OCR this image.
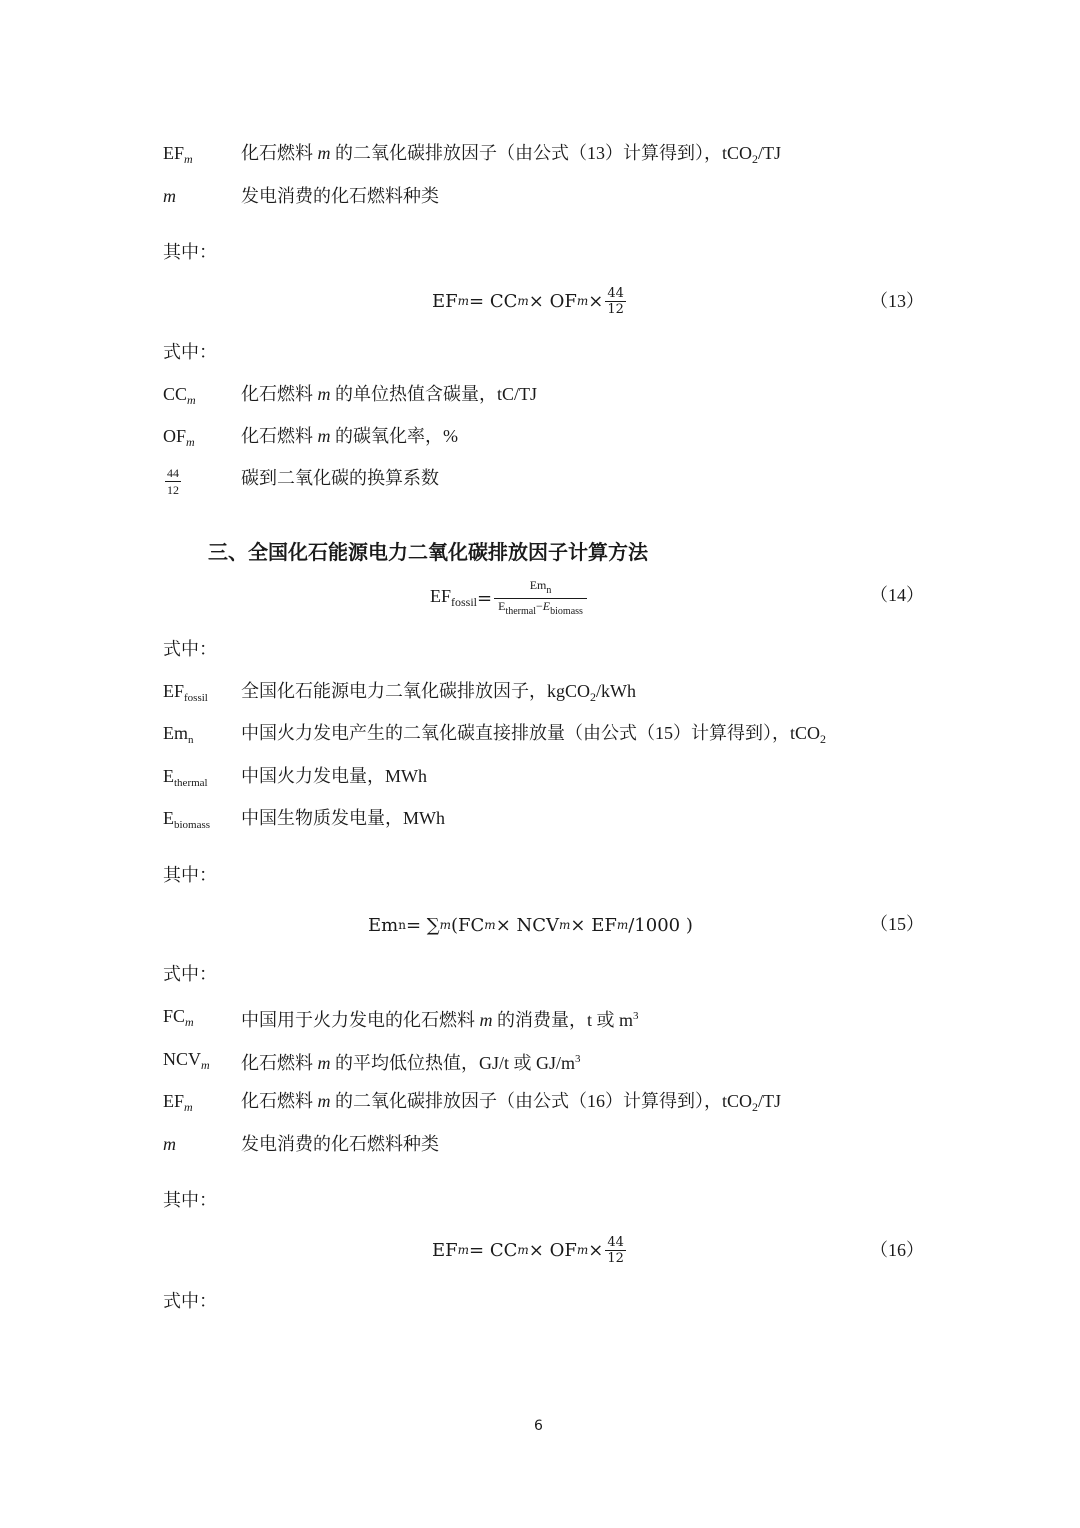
$EF_m$	化石燃料 m 的二氧化碳排放因子（由公式（13）计算得到），tCO$_2$/TJ
m	发电消费的化石燃料种类
其中：
EF m = CC m × OF $m \times \frac{44}{12}$	（13）
式中：
$CC_m$	化石燃料 m 的单位热值含碳量，tC/TJ
$OF_m$	化石燃料 m 的碳氧化率，%
$\frac{44}{12}$	碳到二氧化碳的换算系数
三、全国化石能源电力二氧化碳排放因子计算方法
$EF_{fossil} = \frac{Em_n}{E_{thermal}-E_{biomass}}$	（14）
式中：
$EF_{fossil}$ 全国化石能源电力二氧化碳排放因子，kgCO$_2$/kWh
$Em_n$	中国火力发电产生的二氧化碳直接排放量（由公式（15）计算得到），tCO$_2$
$E_{thermal}$ 中国火力发电量，MWh
$E_{biomass}$ 中国生物质发电量，MWh
其中：
Em n = ∑ m (FC m × NCV m × EF m /1000 )	（15）
式中：
$FC_m$	中国用于火力发电的化石燃料 m 的消费量，t 或 $m^3$
$NCV_m$ 化石燃料 m 的平均低位热值，GJ/t 或 $GJ/m^3$
$EF_m$	化石燃料 m 的二氧化碳排放因子（由公式（16）计算得到），tCO$_2$/TJ
m	发电消费的化石燃料种类
其中：
EF m = CC m × OF $m \times \frac{44}{12}$	（16）
式中：
6
